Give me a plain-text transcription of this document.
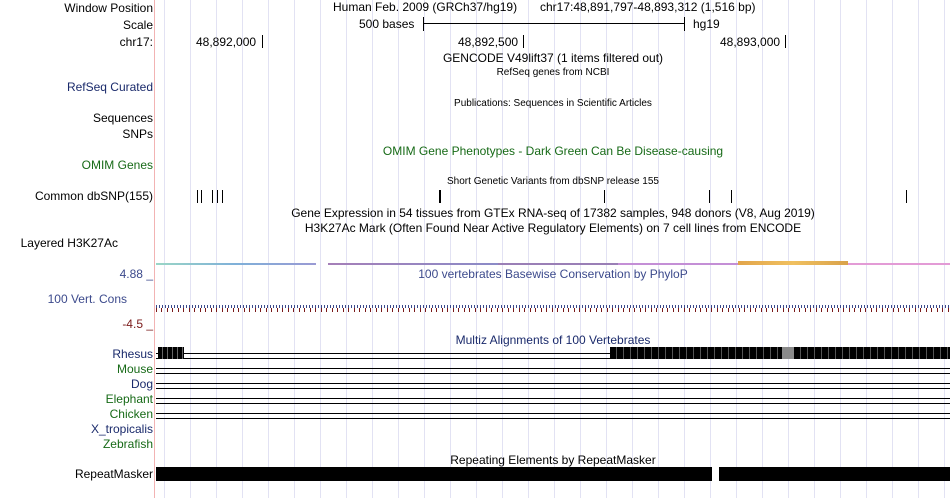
Window Position
Scale
chr17:
RefSeq Curated
Sequences
SNPs
OMIM Genes
Common dbSNP(155)
Layered H3K27Ac
4.88 _
100 Vert. Cons
-4.5 _
Rhesus
Mouse
Dog
Elephant
Chicken
X_tropicalis
Zebrafish
RepeatMasker
Human Feb. 2009 (GRCh37/hg19) chr17:48,891,797-48,893,312 (1,516 bp)
500 bases	hg19
48,892,000	48,892,500	48,893,000
GENCODE V49lift37 (1 items filtered out)
RefSeq genes from NCBI
Publications: Sequences in Scientific Articles
OMIM Gene Phenotypes - Dark Green Can Be Disease-causing
Short Genetic Variants from dbSNP release 155
Gene Expression in 54 tissues from GTEx RNA-seq of 17382 samples, 948 donors (V8, Aug 2019)
H3K27Ac Mark (Often Found Near Active Regulatory Elements) on 7 cell lines from ENCODE
100 vertebrates Basewise Conservation by PhyloP
Multiz Alignments of 100 Vertebrates
Repeating Elements by RepeatMasker
